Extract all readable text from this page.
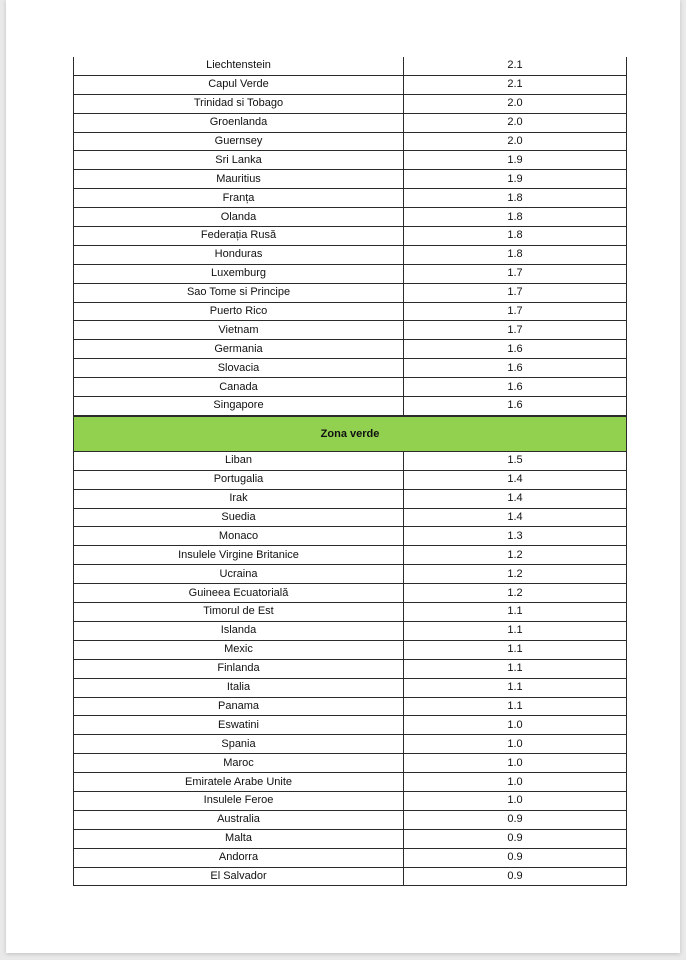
Liechtenstein	2.1
Capul Verde	2.1
Trinidad si Tobago	2.0
Groenlanda	2.0
Guernsey	2.0
Sri Lanka	1.9
Mauritius	1.9
Franța	1.8
Olanda	1.8
Federația Rusă	1.8
Honduras	1.8
Luxemburg	1.7
Sao Tome si Principe	1.7
Puerto Rico	1.7
Vietnam	1.7
Germania	1.6
Slovacia	1.6
Canada	1.6
Singapore	1.6
Zona verde
Liban	1.5
Portugalia	1.4
Irak	1.4
Suedia	1.4
Monaco	1.3
Insulele Virgine Britanice	1.2
Ucraina	1.2
Guineea Ecuatorială	1.2
Timorul de Est	1.1
Islanda	1.1
Mexic	1.1
Finlanda	1.1
Italia	1.1
Panama	1.1
Eswatini	1.0
Spania	1.0
Maroc	1.0
Emiratele Arabe Unite	1.0
Insulele Feroe	1.0
Australia	0.9
Malta	0.9
Andorra	0.9
El Salvador	0.9
